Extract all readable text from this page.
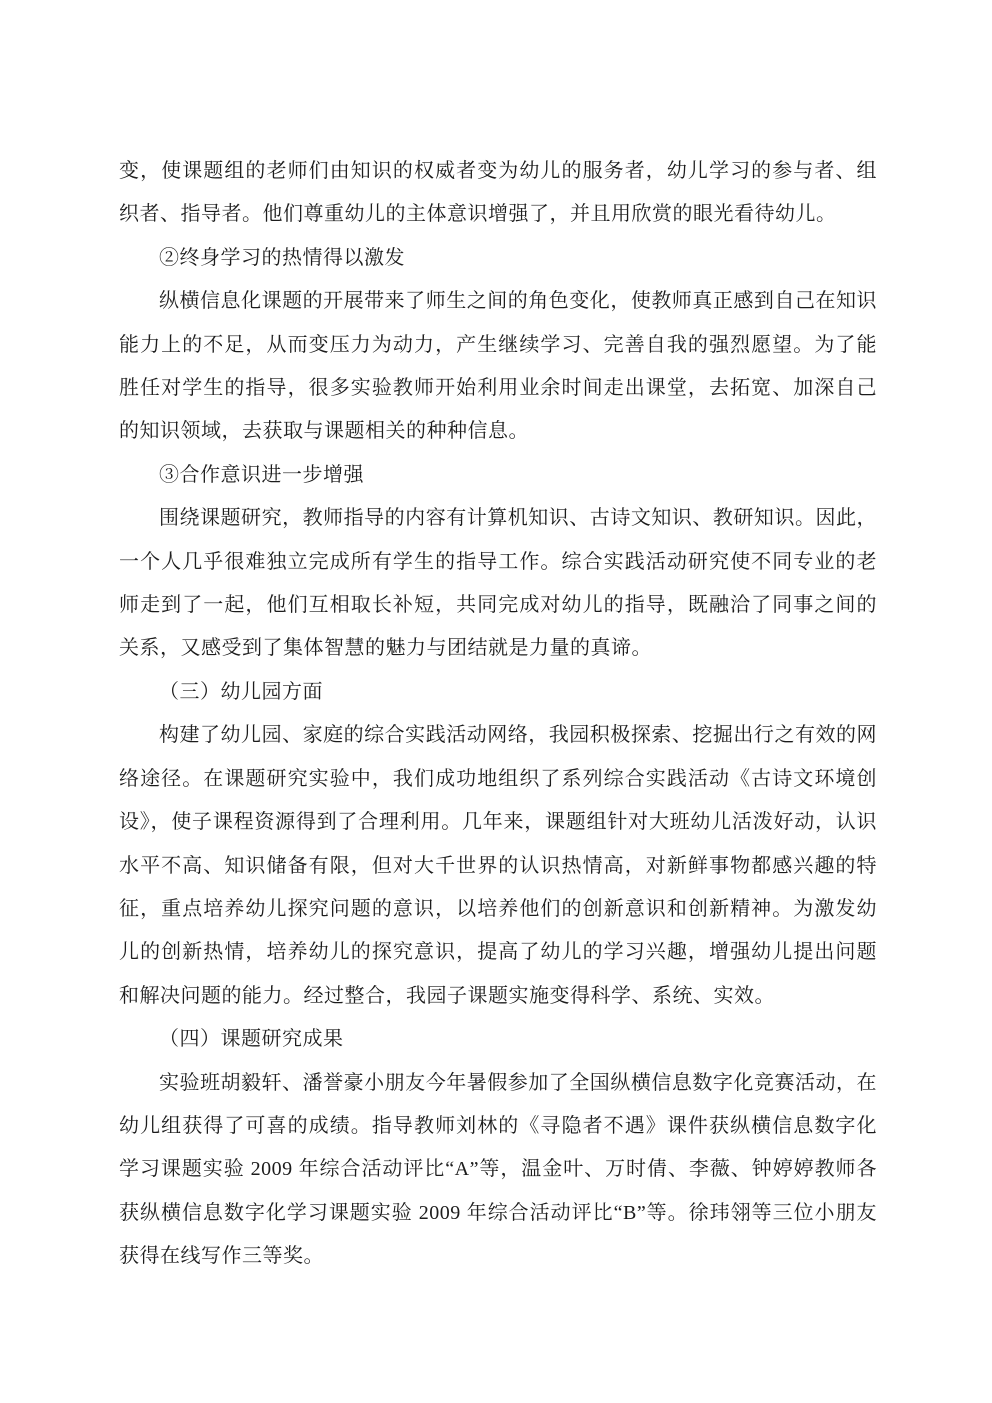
变，使课题组的老师们由知识的权威者变为幼儿的服务者，幼儿学习的参与者、组织者、指导者。他们尊重幼儿的主体意识增强了，并且用欣赏的眼光看待幼儿。

②终身学习的热情得以激发

纵横信息化课题的开展带来了师生之间的角色变化，使教师真正感到自己在知识能力上的不足，从而变压力为动力，产生继续学习、完善自我的强烈愿望。为了能胜任对学生的指导，很多实验教师开始利用业余时间走出课堂，去拓宽、加深自己的知识领域，去获取与课题相关的种种信息。

③合作意识进一步增强

围绕课题研究，教师指导的内容有计算机知识、古诗文知识、教研知识。因此，一个人几乎很难独立完成所有学生的指导工作。综合实践活动研究使不同专业的老师走到了一起，他们互相取长补短，共同完成对幼儿的指导，既融洽了同事之间的关系，又感受到了集体智慧的魅力与团结就是力量的真谛。

（三）幼儿园方面

构建了幼儿园、家庭的综合实践活动网络，我园积极探索、挖掘出行之有效的网络途径。在课题研究实验中，我们成功地组织了系列综合实践活动《古诗文环境创设》，使子课程资源得到了合理利用。几年来，课题组针对大班幼儿活泼好动，认识水平不高、知识储备有限，但对大千世界的认识热情高，对新鲜事物都感兴趣的特征，重点培养幼儿探究问题的意识，以培养他们的创新意识和创新精神。为激发幼儿的创新热情，培养幼儿的探究意识，提高了幼儿的学习兴趣，增强幼儿提出问题和解决问题的能力。经过整合，我园子课题实施变得科学、系统、实效。

（四）课题研究成果

实验班胡毅轩、潘誉豪小朋友今年暑假参加了全国纵横信息数字化竞赛活动，在幼儿组获得了可喜的成绩。指导教师刘林的《寻隐者不遇》课件获纵横信息数字化学习课题实验 2009 年综合活动评比“A”等，温金叶、万时倩、李薇、钟婷婷教师各获纵横信息数字化学习课题实验 2009 年综合活动评比“B”等。徐玮翎等三位小朋友获得在线写作三等奖。
